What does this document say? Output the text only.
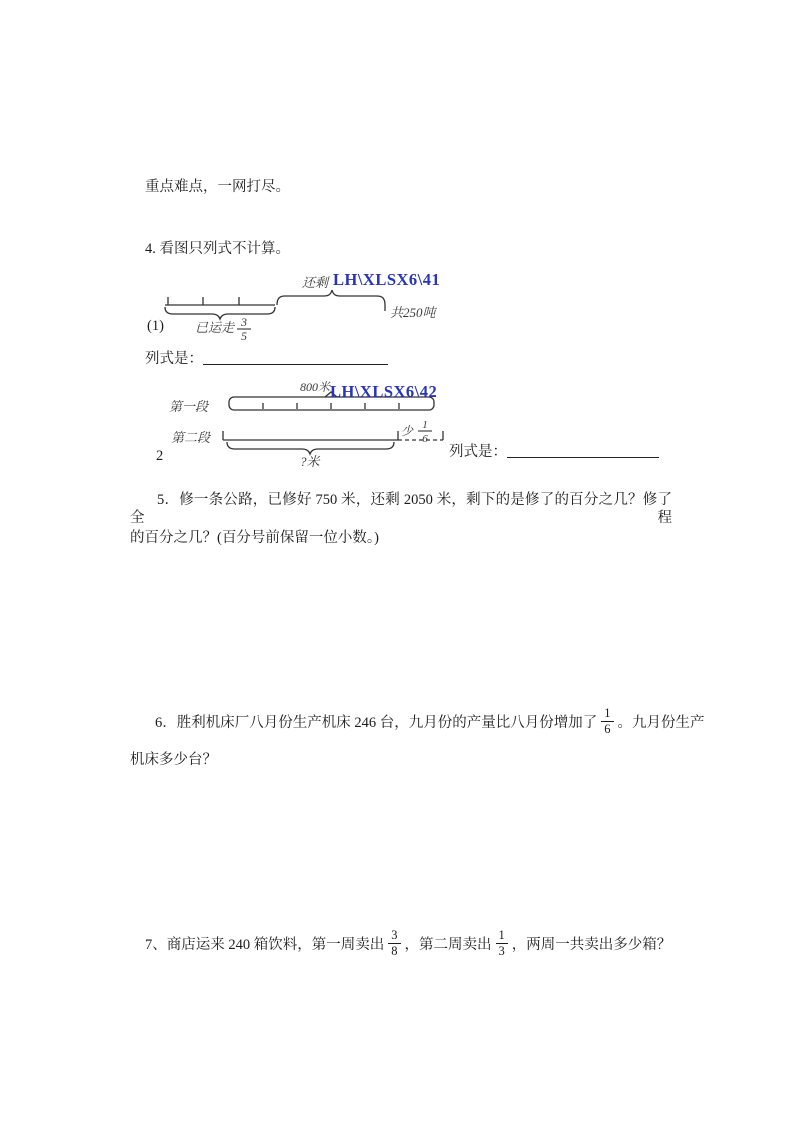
重点难点，一网打尽。
4. 看图只列式不计算。
已运走 3
5
还剩
共250吨
LH\XLSX6\41
(1)
列式是：
第一段
800米
第二段
?米
少 1
6
LH\XLSX6\42
2	列式是：
5．修一条公路，已修好 750 米，还剩 2050 米，剩下的是修了的百分之几？修了全程
的百分之几？(百分号前保留一位小数。)
6．胜利机床厂八月份生产机床 246 台，九月份的产量比八月份增加了 $\frac{1}{6}$ 。九月份生产
机床多少台？
7、商店运来 240 箱饮料，第一周卖出 $\frac{3}{8}$ ，第二周卖出 $\frac{1}{3}$ ，两周一共卖出多少箱？
